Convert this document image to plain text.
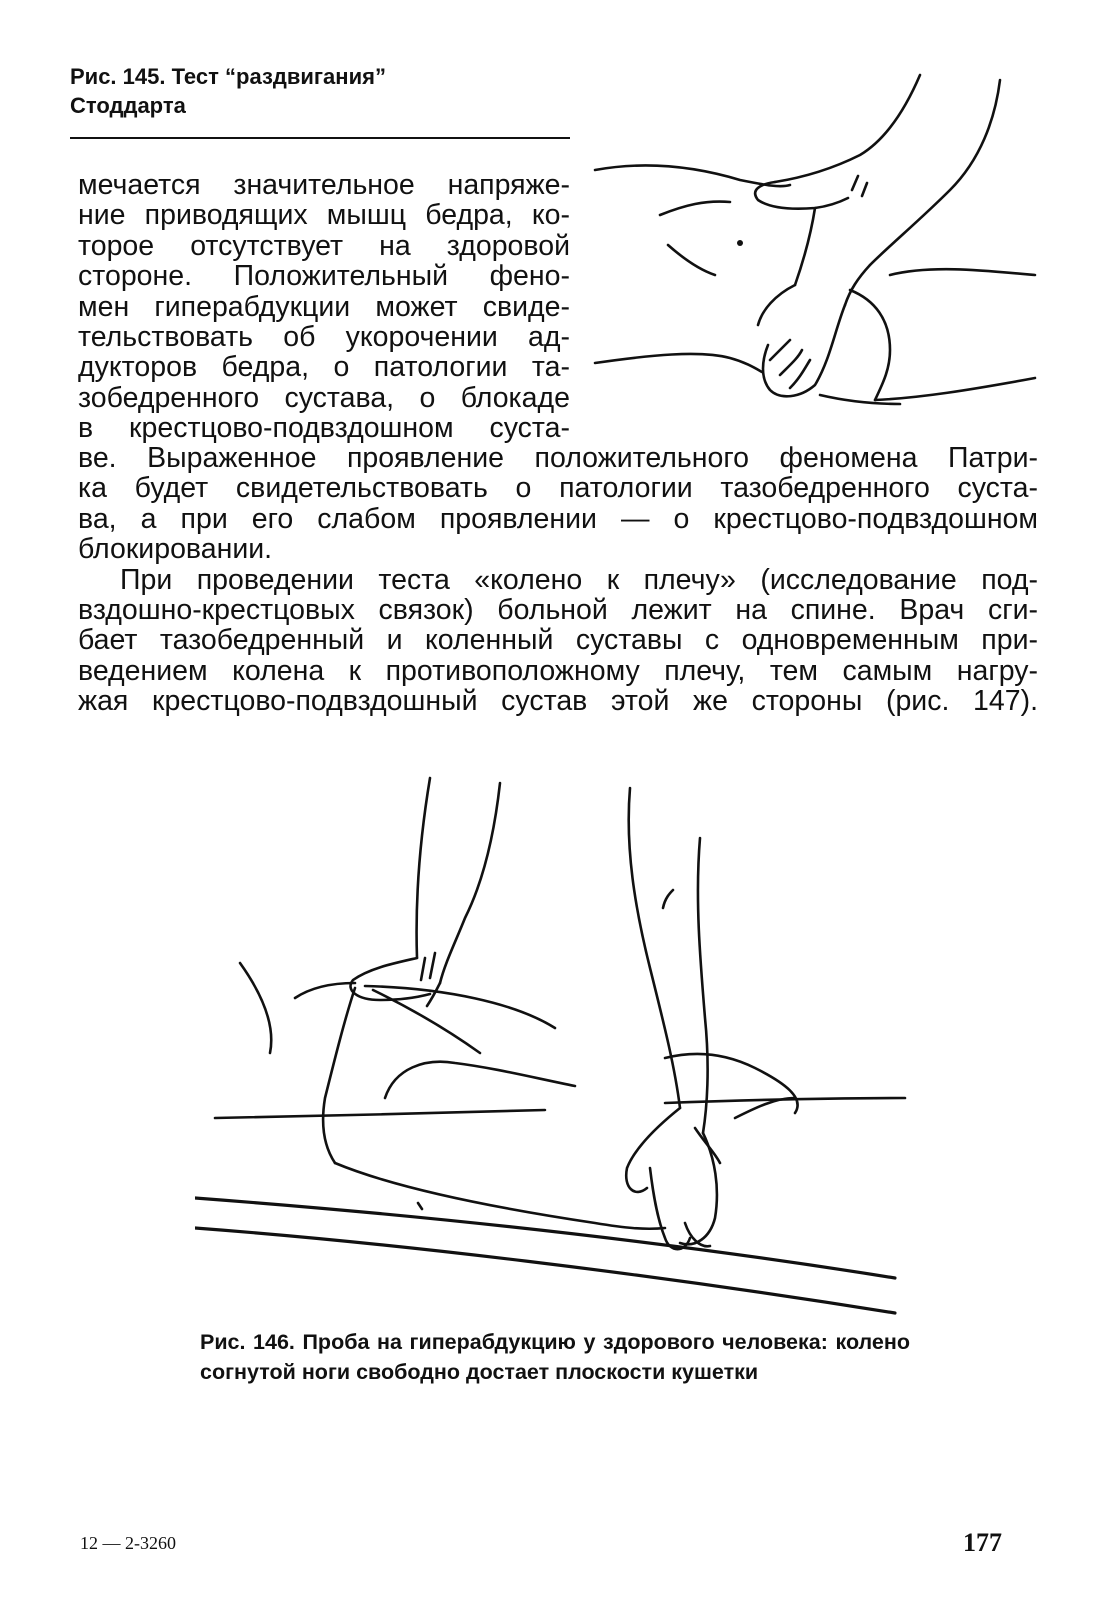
Рис. 145. Тест “раздвигания”
Стоддарта
мечается значительное напряже-
ние приводящих мышц бедра, ко-
торое отсутствует на здоровой
стороне. Положительный фено-
мен гиперабдукции может свиде-
тельствовать об укорочении ад-
дукторов бедра, о патологии та-
зобедренного сустава, о блокаде
в крестцово-подвздошном суста-
ве. Выраженное проявление положительного феномена Патри-
ка будет свидетельствовать о патологии тазобедренного суста-
ва, а при его слабом проявлении — о крестцово-подвздошном
блокировании.
При проведении теста «колено к плечу» (исследование под-
вздошно-крестцовых связок) больной лежит на спине. Врач сги-
бает тазобедренный и коленный суставы с одновременным при-
ведением колена к противоположному плечу, тем самым нагру-
жая крестцово-подвздошный сустав этой же стороны (рис. 147).
Рис. 146. Проба на гиперабдукцию у здорового человека: колено согнутой ноги свободно достает плоскости кушетки
12 — 2-3260	177
